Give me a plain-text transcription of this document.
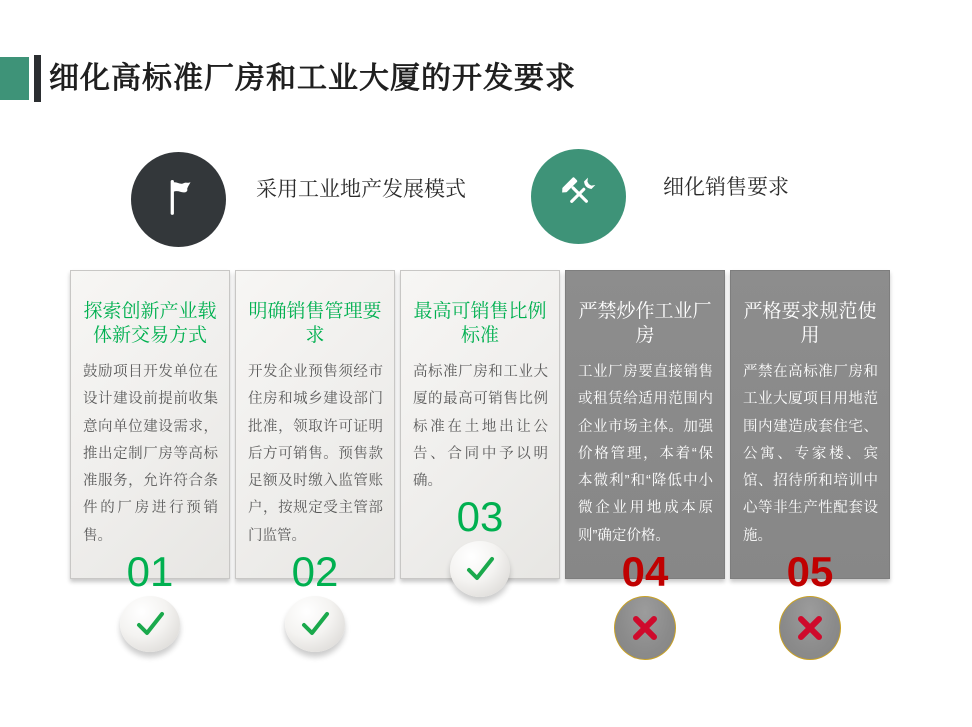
细化高标准厂房和工业大厦的开发要求
采用工业地产发展模式	细化销售要求
探索创新产业载体新交易方式
鼓励项目开发单位在设计建设前提前收集意向单位建设需求，推出定制厂房等高标准服务，允许符合条件的厂房进行预销售。
01
明确销售管理要求
开发企业预售须经市住房和城乡建设部门批准，领取许可证明后方可销售。预售款足额及时缴入监管账户，按规定受主管部门监管。
02
最高可销售比例标准
高标准厂房和工业大厦的最高可销售比例标准在土地出让公告、合同中予以明确。
03
严禁炒作工业厂房
工业厂房要直接销售或租赁给适用范围内企业市场主体。加强价格管理，本着“保本微利”和“降低中小微企业用地成本原则”确定价格。
04
严格要求规范使用
严禁在高标准厂房和工业大厦项目用地范围内建造成套住宅、公寓、专家楼、宾馆、招待所和培训中心等非生产性配套设施。
05
